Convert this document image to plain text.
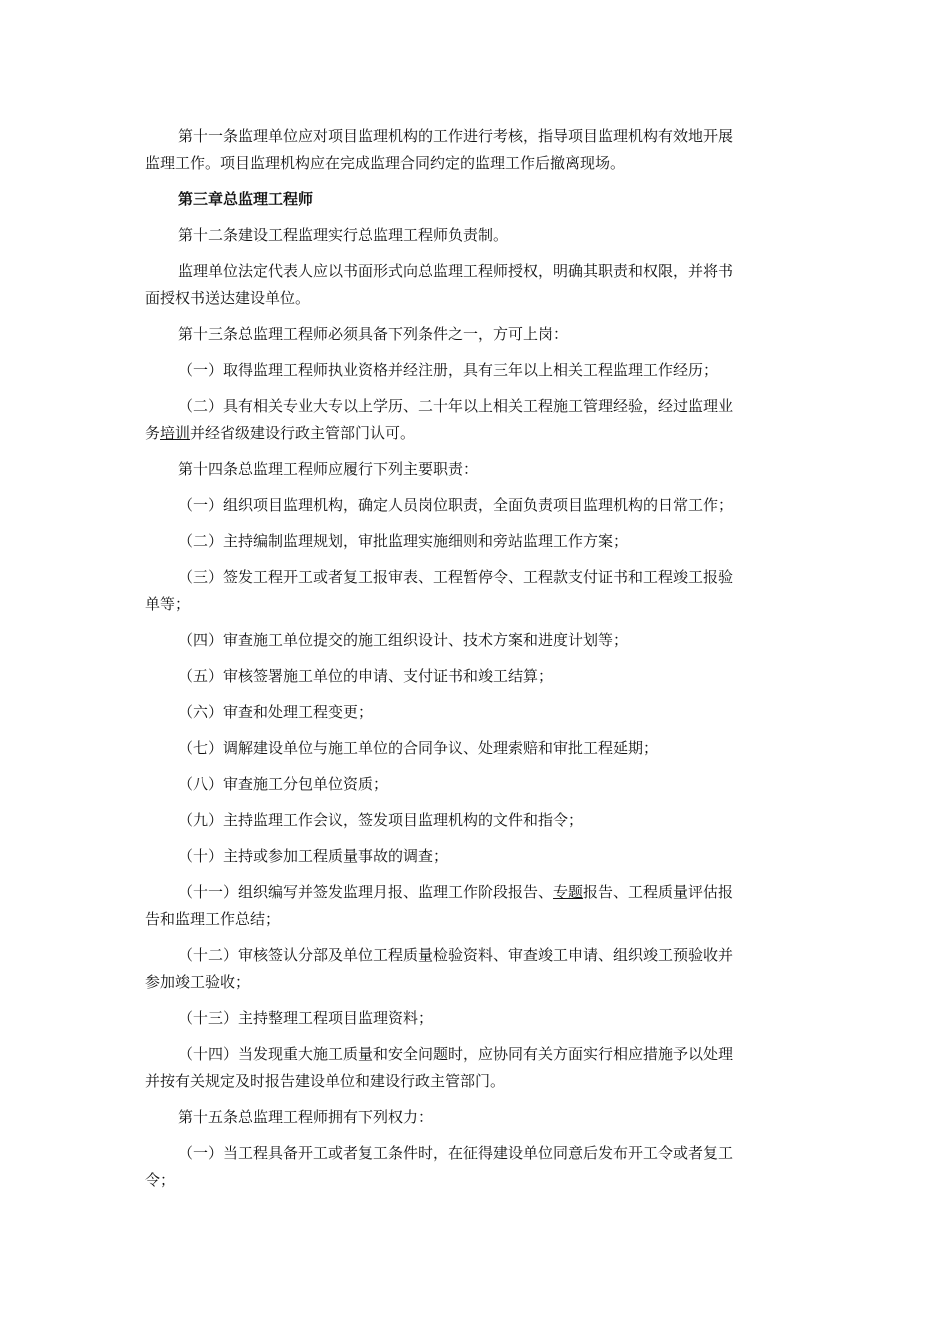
第十一条监理单位应对项目监理机构的工作进行考核，指导项目监理机构有效地开展
监理工作。项目监理机构应在完成监理合同约定的监理工作后撤离现场。

第三章总监理工程师

第十二条建设工程监理实行总监理工程师负责制。

监理单位法定代表人应以书面形式向总监理工程师授权，明确其职责和权限，并将书
面授权书送达建设单位。

第十三条总监理工程师必须具备下列条件之一，方可上岗：

（一）取得监理工程师执业资格并经注册，具有三年以上相关工程监理工作经历；

（二）具有相关专业大专以上学历、二十年以上相关工程施工管理经验，经过监理业
务培训并经省级建设行政主管部门认可。

第十四条总监理工程师应履行下列主要职责：

（一）组织项目监理机构，确定人员岗位职责，全面负责项目监理机构的日常工作；

（二）主持编制监理规划，审批监理实施细则和旁站监理工作方案；

（三）签发工程开工或者复工报审表、工程暂停令、工程款支付证书和工程竣工报验
单等；

（四）审查施工单位提交的施工组织设计、技术方案和进度计划等；

（五）审核签署施工单位的申请、支付证书和竣工结算；

（六）审查和处理工程变更；

（七）调解建设单位与施工单位的合同争议、处理索赔和审批工程延期；

（八）审查施工分包单位资质；

（九）主持监理工作会议，签发项目监理机构的文件和指令；

（十）主持或参加工程质量事故的调查；

（十一）组织编写并签发监理月报、监理工作阶段报告、专题报告、工程质量评估报
告和监理工作总结；

（十二）审核签认分部及单位工程质量检验资料、审查竣工申请、组织竣工预验收并
参加竣工验收；

（十三）主持整理工程项目监理资料；

（十四）当发现重大施工质量和安全问题时，应协同有关方面实行相应措施予以处理
并按有关规定及时报告建设单位和建设行政主管部门。

第十五条总监理工程师拥有下列权力：

（一）当工程具备开工或者复工条件时，在征得建设单位同意后发布开工令或者复工
令；
